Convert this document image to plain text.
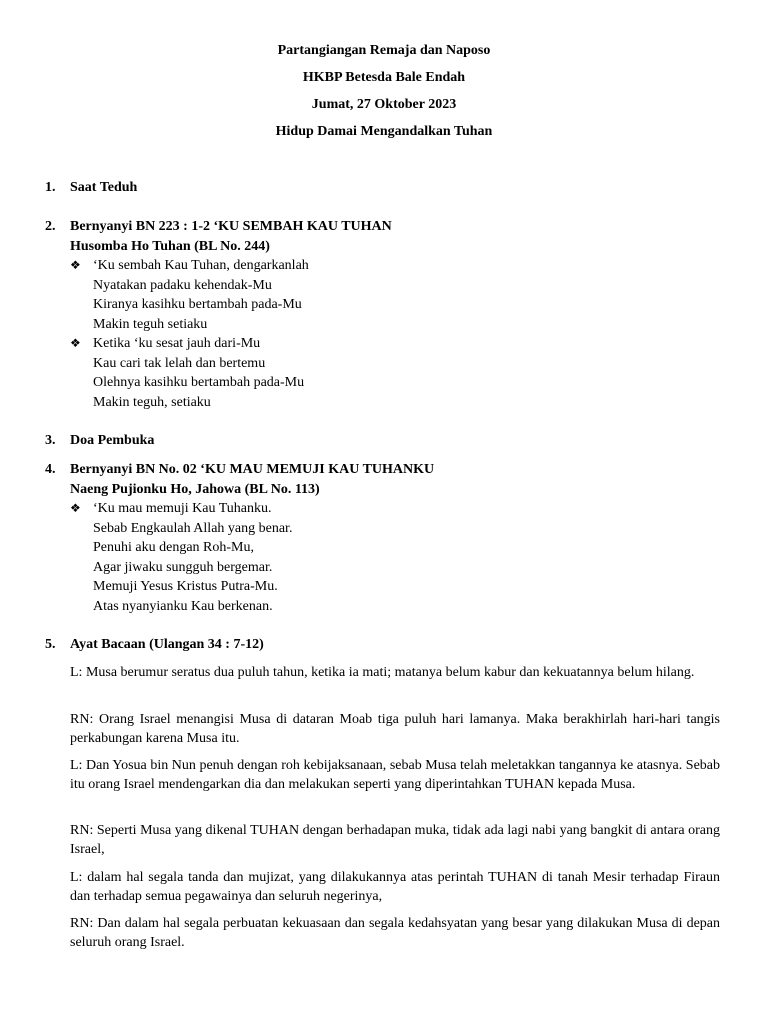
Partangiangan Remaja dan Naposo
HKBP Betesda Bale Endah
Jumat, 27 Oktober 2023
Hidup Damai Mengandalkan Tuhan
1.	Saat Teduh
2.	Bernyanyi BN 223 : 1-2 ‘KU SEMBAH KAU TUHAN
Husomba Ho Tuhan (BL No. 244)
❖ ‘Ku sembah Kau Tuhan, dengarkanlah
Nyatakan padaku kehendak-Mu
Kiranya kasihku bertambah pada-Mu
Makin teguh setiaku
❖ Ketika ‘ku sesat jauh dari-Mu
Kau cari tak lelah dan bertemu
Olehnya kasihku bertambah pada-Mu
Makin teguh, setiaku
3.	Doa Pembuka
4.	Bernyanyi BN No. 02 ‘KU MAU MEMUJI KAU TUHANKU
Naeng Pujionku Ho, Jahowa (BL No. 113)
❖ ‘Ku mau memuji Kau Tuhanku.
Sebab Engkaulah Allah yang benar.
Penuhi aku dengan Roh-Mu,
Agar jiwaku sungguh bergemar.
Memuji Yesus Kristus Putra-Mu.
Atas nyanyianku Kau berkenan.
5.	Ayat Bacaan (Ulangan 34 : 7-12)

L: Musa berumur seratus dua puluh tahun, ketika ia mati; matanya belum kabur dan kekuatannya belum hilang.

RN: Orang Israel menangisi Musa di dataran Moab tiga puluh hari lamanya. Maka berakhirlah hari-hari tangis perkabungan karena Musa itu.

L: Dan Yosua bin Nun penuh dengan roh kebijaksanaan, sebab Musa telah meletakkan tangannya ke atasnya. Sebab itu orang Israel mendengarkan dia dan melakukan seperti yang diperintahkan TUHAN kepada Musa.

RN: Seperti Musa yang dikenal TUHAN dengan berhadapan muka, tidak ada lagi nabi yang bangkit di antara orang Israel,

L: dalam hal segala tanda dan mujizat, yang dilakukannya atas perintah TUHAN di tanah Mesir terhadap Firaun dan terhadap semua pegawainya dan seluruh negerinya,

RN: Dan dalam hal segala perbuatan kekuasaan dan segala kedahsyatan yang besar yang dilakukan Musa di depan seluruh orang Israel.
